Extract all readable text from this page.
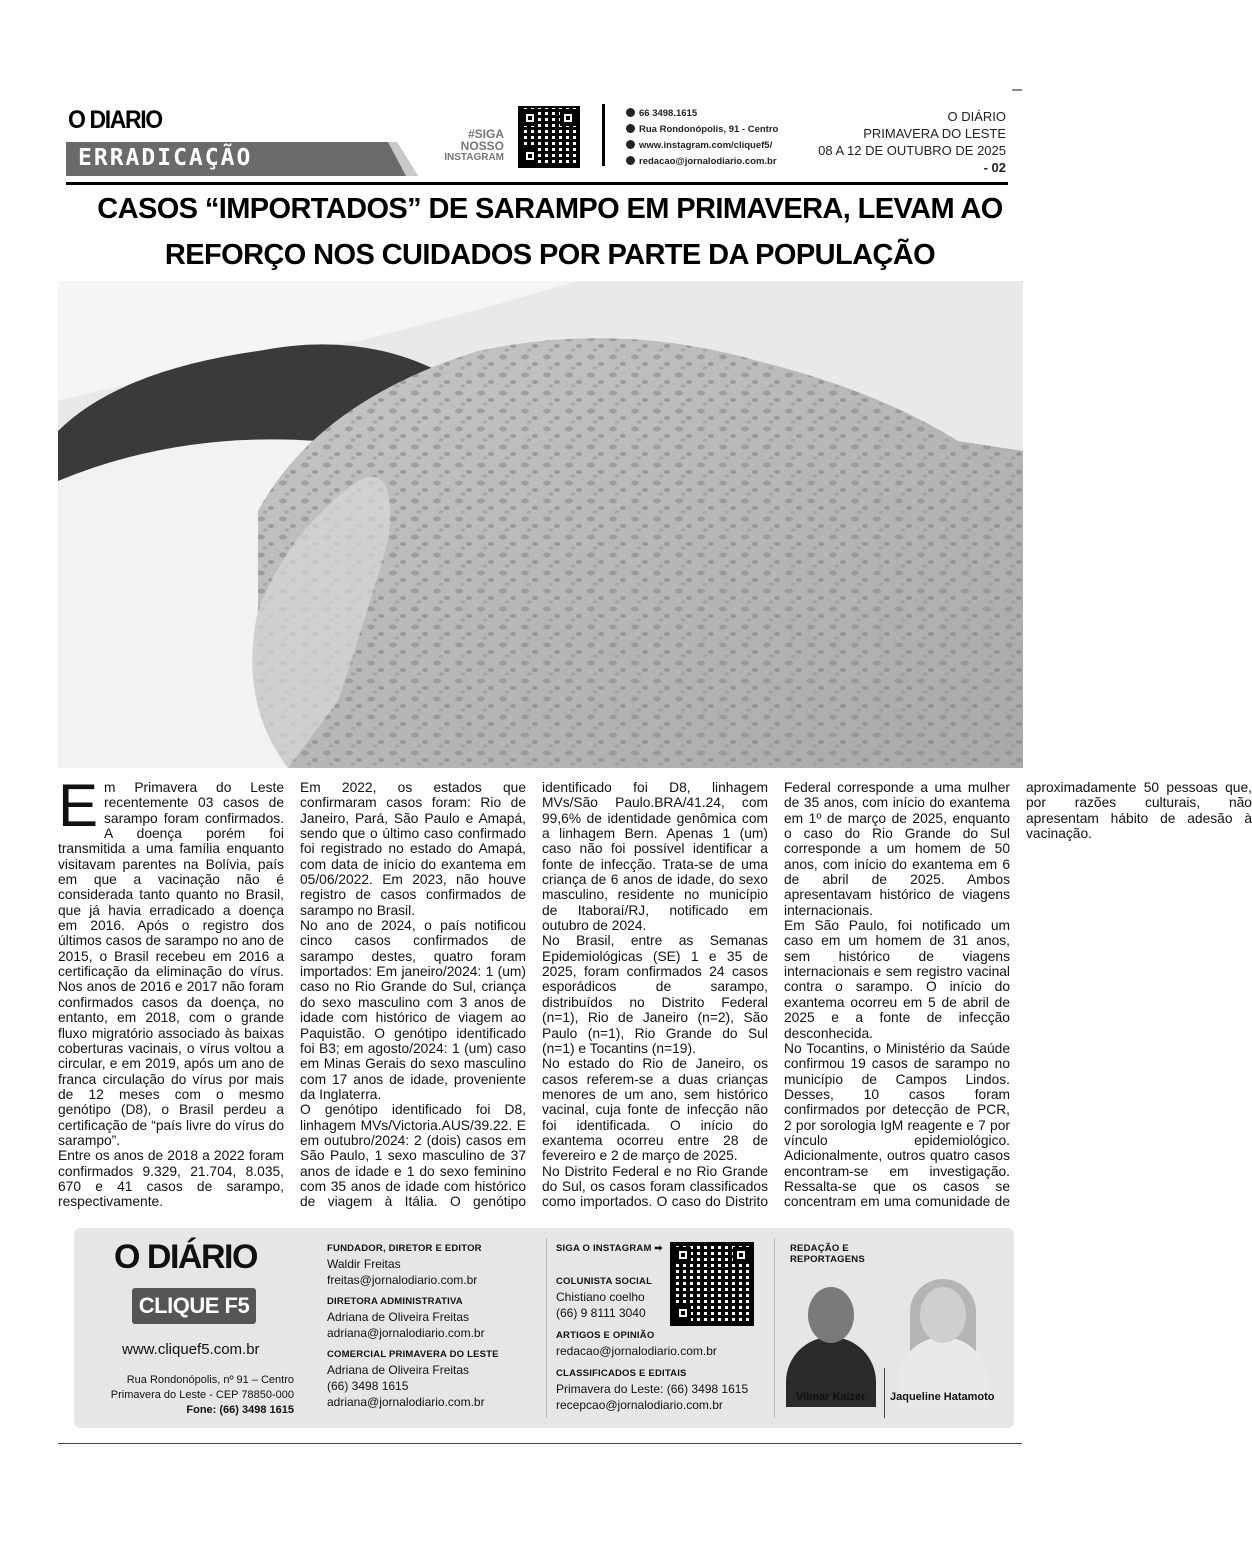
O DIARIO
ERRADICAÇÃO
#SIGA
NOSSO
INSTAGRAM
66 3498.1615
Rua Rondonópolis, 91 - Centro
www.instagram.com/cliquef5/
redacao@jornalodiario.com.br
O DIÁRIO
PRIMAVERA DO LESTE
08 A 12 DE OUTUBRO DE 2025
- 02
CASOS “IMPORTADOS” DE SARAMPO EM PRIMAVERA, LEVAM AO
REFORÇO NOS CUIDADOS POR PARTE DA POPULAÇÃO

Em Primavera do Leste recentemente 03 casos de sarampo foram confirmados. A doença porém foi transmitida a uma família enquanto visitavam parentes na Bolívia, país em que a vacinação não é considerada tanto quanto no Brasil, que já havia erradicado a doença em 2016. Após o registro dos últimos casos de sarampo no ano de 2015, o Brasil recebeu em 2016 a certificação da eliminação do vírus. Nos anos de 2016 e 2017 não foram confirmados casos da doença, no entanto, em 2018, com o grande fluxo migratório associado às baixas coberturas vacinais, o vírus voltou a circular, e em 2019, após um ano de franca circulação do vírus por mais de 12 meses com o mesmo genótipo (D8), o Brasil perdeu a certificação de “país livre do vírus do sarampo”.

Entre os anos de 2018 a 2022 foram confirmados 9.329, 21.704, 8.035, 670 e 41 casos de sarampo, respectivamente.

Em 2022, os estados que confirmaram casos foram: Rio de Janeiro, Pará, São Paulo e Amapá, sendo que o último caso confirmado foi registrado no estado do Amapá, com data de início do exantema em 05/06/2022. Em 2023, não houve registro de casos confirmados de sarampo no Brasil.

No ano de 2024, o país notificou cinco casos confirmados de sarampo destes, quatro foram importados: Em janeiro/2024: 1 (um) caso no Rio Grande do Sul, criança do sexo masculino com 3 anos de idade com histórico de viagem ao Paquistão. O genótipo identificado foi B3; em agosto/2024: 1 (um) caso em Minas Gerais do sexo masculino com 17 anos de idade, proveniente da Inglaterra.

O genótipo identificado foi D8, linhagem MVs/Victoria.AUS/39.22. E em outubro/2024: 2 (dois) casos em São Paulo, 1 sexo masculino de 37 anos de idade e 1 do sexo feminino com 35 anos de idade com histórico de viagem à Itália. O genótipo identificado foi D8, linhagem MVs/São Paulo.BRA/41.24, com 99,6% de identidade genômica com a linhagem Bern. Apenas 1 (um) caso não foi possível identificar a fonte de infecção. Trata-se de uma criança de 6 anos de idade, do sexo masculino, residente no município de Itaboraí/RJ, notificado em outubro de 2024.

No Brasil, entre as Semanas Epidemiológicas (SE) 1 e 35 de 2025, foram confirmados 24 casos esporádicos de sarampo, distribuídos no Distrito Federal (n=1), Rio de Janeiro (n=2), São Paulo (n=1), Rio Grande do Sul (n=1) e Tocantins (n=19).

No estado do Rio de Janeiro, os casos referem-se a duas crianças menores de um ano, sem histórico vacinal, cuja fonte de infecção não foi identificada. O início do exantema ocorreu entre 28 de fevereiro e 2 de março de 2025.

No Distrito Federal e no Rio Grande do Sul, os casos foram classificados como importados. O caso do Distrito Federal corresponde a uma mulher de 35 anos, com início do exantema em 1º de março de 2025, enquanto o caso do Rio Grande do Sul corresponde a um homem de 50 anos, com início do exantema em 6 de abril de 2025. Ambos apresentavam histórico de viagens internacionais.

Em São Paulo, foi notificado um caso em um homem de 31 anos, sem histórico de viagens internacionais e sem registro vacinal contra o sarampo. O início do exantema ocorreu em 5 de abril de 2025 e a fonte de infecção desconhecida.

No Tocantins, o Ministério da Saúde confirmou 19 casos de sarampo no município de Campos Lindos. Desses, 10 casos foram confirmados por detecção de PCR, 2 por sorologia IgM reagente e 7 por vínculo epidemiológico. Adicionalmente, outros quatro casos encontram-se em investigação. Ressalta-se que os casos se concentram em uma comunidade de aproximadamente 50 pessoas que, por razões culturais, não apresentam hábito de adesão à vacinação.

O DIÁRIO
CLIQUE F5
www.cliquef5.com.br
Rua Rondonópolis, nº 91 – Centro
Primavera do Leste - CEP 78850-000
Fone: (66) 3498 1615
FUNDADOR, DIRETOR E EDITOR
Waldir Freitas
freitas@jornalodiario.com.br
DIRETORA ADMINISTRATIVA
Adriana de Oliveira Freitas
adriana@jornalodiario.com.br
COMERCIAL PRIMAVERA DO LESTE
Adriana de Oliveira Freitas
(66) 3498 1615
adriana@jornalodiario.com.br
SIGA O INSTAGRAM ➡
COLUNISTA SOCIAL
Chistiano coelho
(66) 9 8111 3040
ARTIGOS E OPINIÃO
redacao@jornalodiario.com.br
CLASSIFICADOS E EDITAIS
Primavera do Leste: (66) 3498 1615
recepcao@jornalodiario.com.br
REDAÇÃO E REPORTAGENS
Vilmar Kaizer Jaqueline Hatamoto
